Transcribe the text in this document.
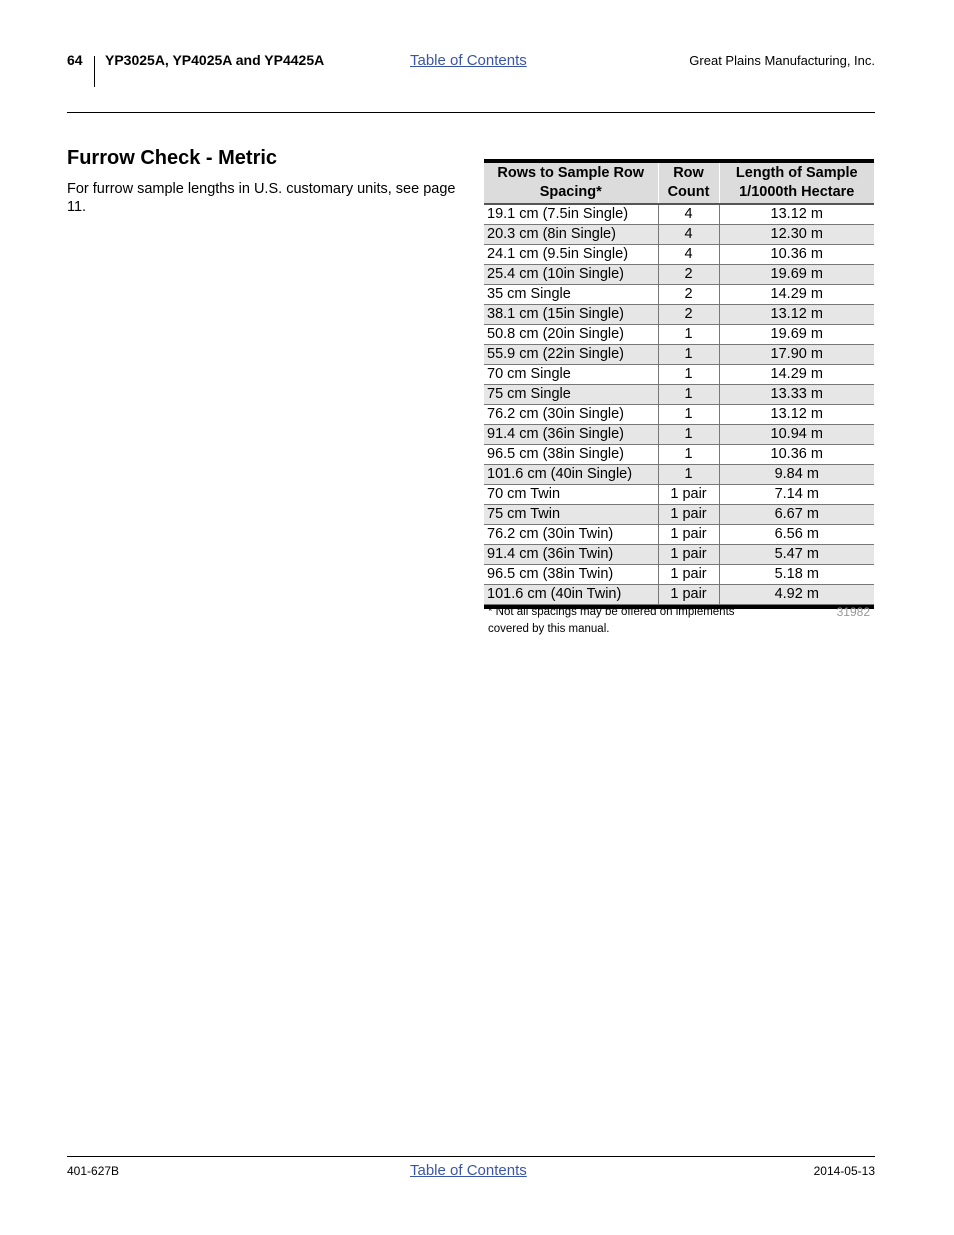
64 YP3025A, YP4025A and YP4425A	Table of Contents	Great Plains Manufacturing, Inc.
Furrow Check - Metric
For furrow sample lengths in U.S. customary units, see page 11.
Rows to Sample Row Spacing*	Row Count	Length of Sample 1/1000th Hectare
19.1 cm (7.5in Single)	4	13.12 m
20.3 cm (8in Single)	4	12.30 m
24.1 cm (9.5in Single)	4	10.36 m
25.4 cm (10in Single)	2	19.69 m
35 cm Single	2	14.29 m
38.1 cm (15in Single)	2	13.12 m
50.8 cm (20in Single)	1	19.69 m
55.9 cm (22in Single)	1	17.90 m
70 cm Single	1	14.29 m
75 cm Single	1	13.33 m
76.2 cm (30in Single)	1	13.12 m
91.4 cm (36in Single)	1	10.94 m
96.5 cm (38in Single)	1	10.36 m
101.6 cm (40in Single)	1	9.84 m
70 cm Twin	1 pair	7.14 m
75 cm Twin	1 pair	6.67 m
76.2 cm (30in Twin)	1 pair	6.56 m
91.4 cm (36in Twin)	1 pair	5.47 m
96.5 cm (38in Twin)	1 pair	5.18 m
101.6 cm (40in Twin)	1 pair	4.92 m
* Not all spacings may be offered on implements covered by this manual.
31982
401-627B	Table of Contents	2014-05-13
